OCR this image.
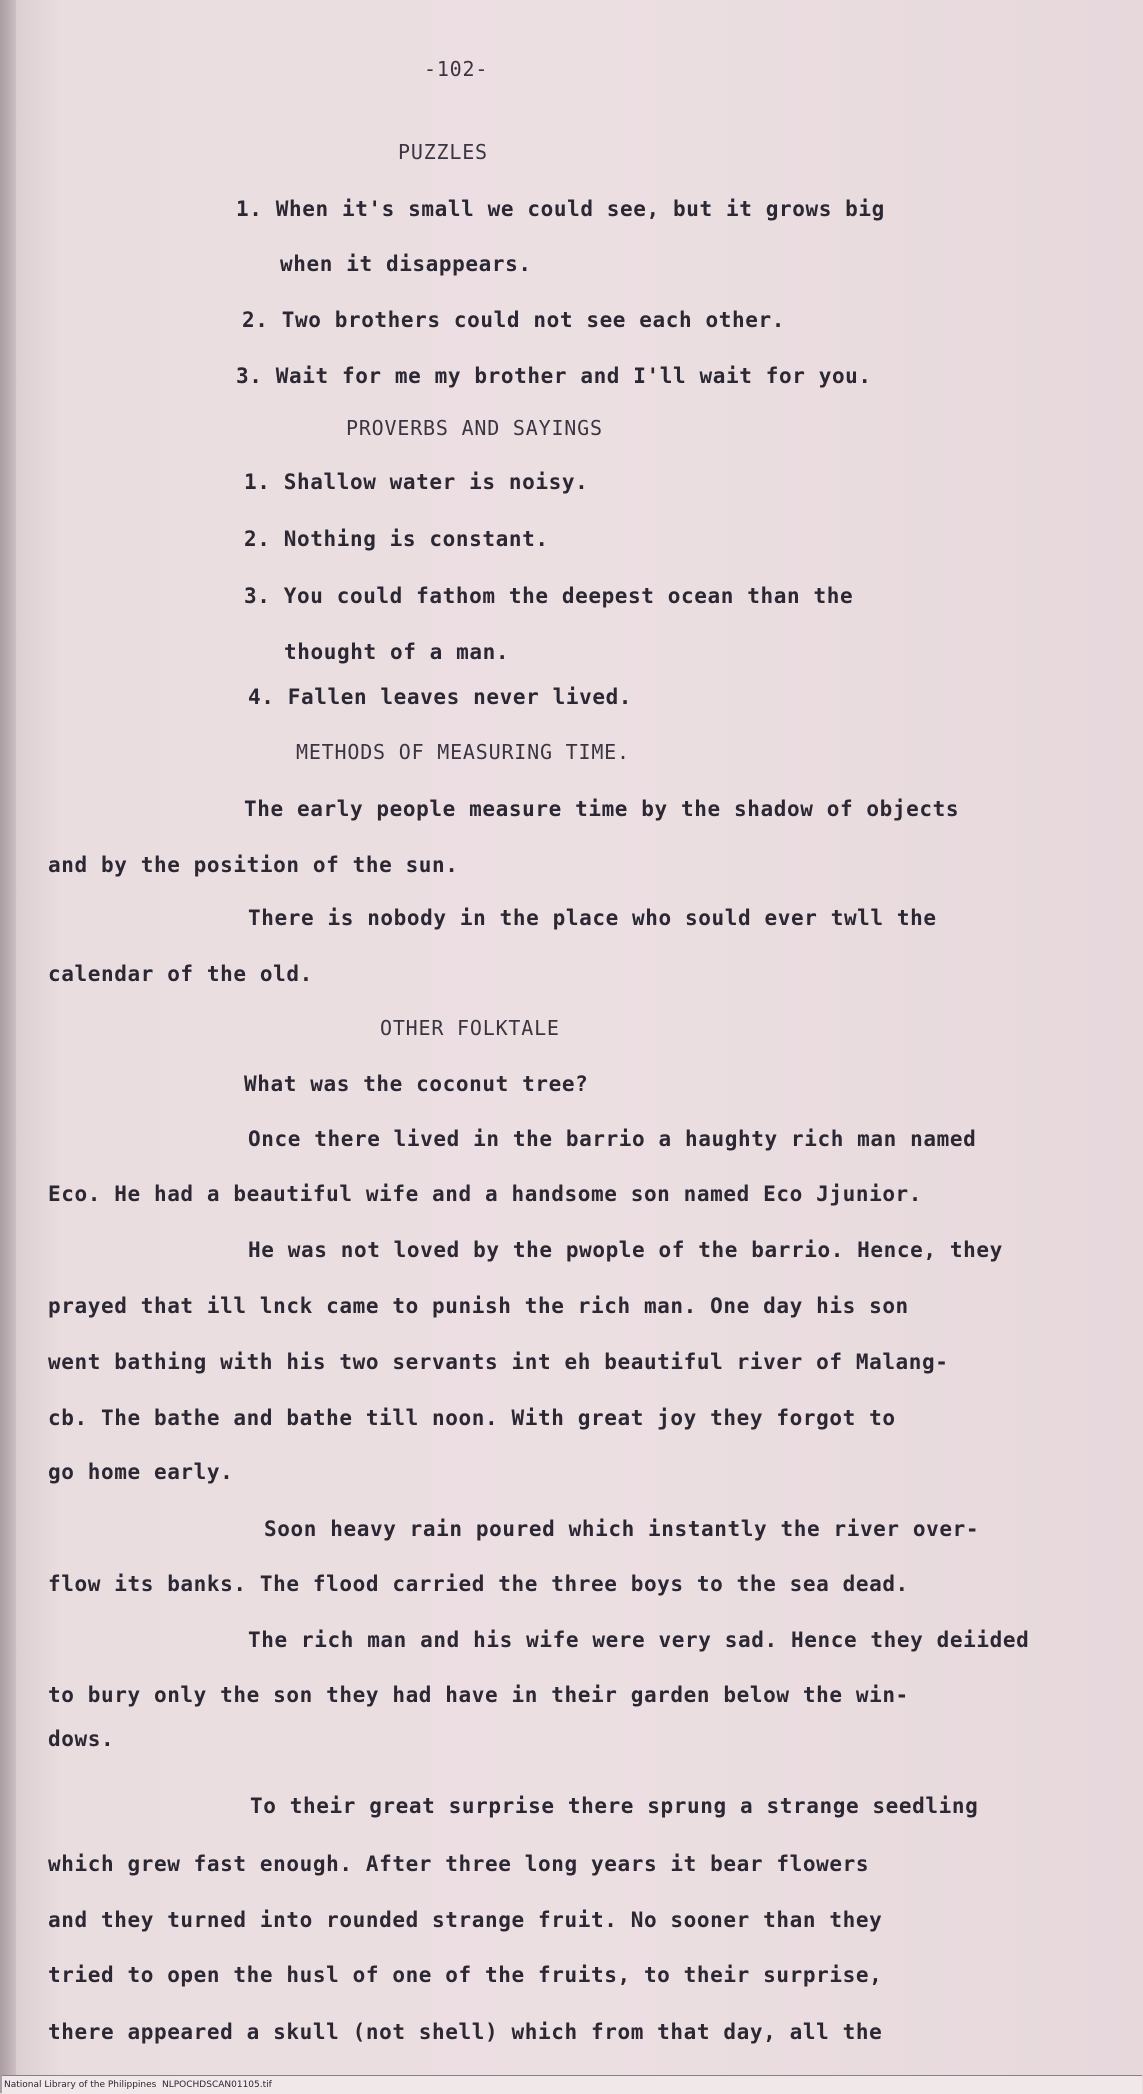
-102-
PUZZLES
1. When it's small we could see, but it grows big
when it disappears.
2. Two brothers could not see each other.
3. Wait for me my brother and I'll wait for you.
PROVERBS AND SAYINGS
1. Shallow water is noisy.
2. Nothing is constant.
3. You could fathom the deepest ocean than the
thought of a man.
4. Fallen leaves never lived.
METHODS OF MEASURING TIME.
The early people measure time by the shadow of objects
and by the position of the sun.
There is nobody in the place who sould ever twll the
calendar of the old.
OTHER FOLKTALE
What was the coconut tree?
Once there lived in the barrio a haughty rich man named
Eco. He had a beautiful wife and a handsome son named Eco Jjunior.
He was not loved by the pwople of the barrio. Hence, they
prayed that ill lnck came to punish the rich man. One day his son
went bathing with his two servants int eh beautiful river of Malang-
cb. The bathe and bathe till noon. With great joy they forgot to
go home early.
Soon heavy rain poured which instantly the river over-
flow its banks. The flood carried the three boys to the sea dead.
The rich man and his wife were very sad. Hence they deiided
to bury only the son they had have in their garden below the win-
dows.
To their great surprise there sprung a strange seedling
which grew fast enough. After three long years it bear flowers
and they turned into rounded strange fruit. No sooner than they
tried to open the husl of one of the fruits, to their surprise,
there appeared a skull (not shell) which from that day, all the
National Library of the Philippines NLPOCHDSCAN01105.tif
